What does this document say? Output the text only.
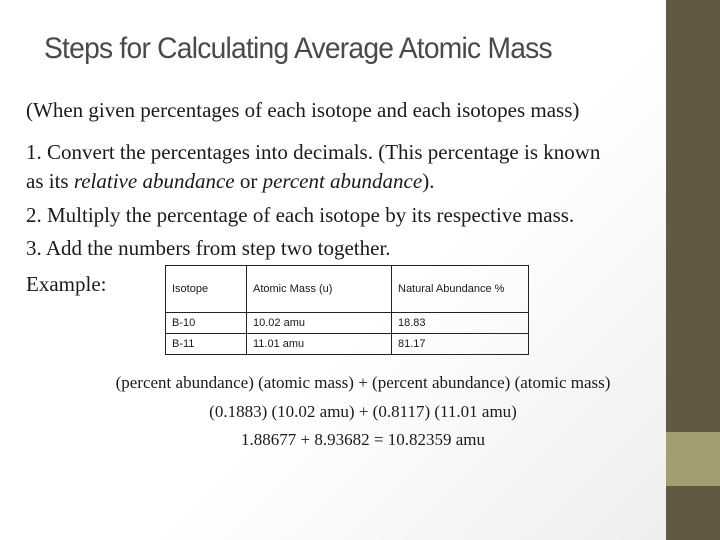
Steps for Calculating Average Atomic Mass
(When given percentages of each isotope and each isotopes mass)
1. Convert the percentages into decimals. (This percentage is known
as its relative abundance or percent abundance).
2. Multiply the percentage of each isotope by its respective mass.
3. Add the numbers from step two together.
Example:	Isotope	Atomic Mass (u)	Natural Abundance %
B-10	10.02 amu	18.83
B-11	11.01 amu	81.17
(percent abundance) (atomic mass) + (percent abundance) (atomic mass)
(0.1883) (10.02 amu) + (0.8117) (11.01 amu)
1.88677 + 8.93682 = 10.82359 amu
